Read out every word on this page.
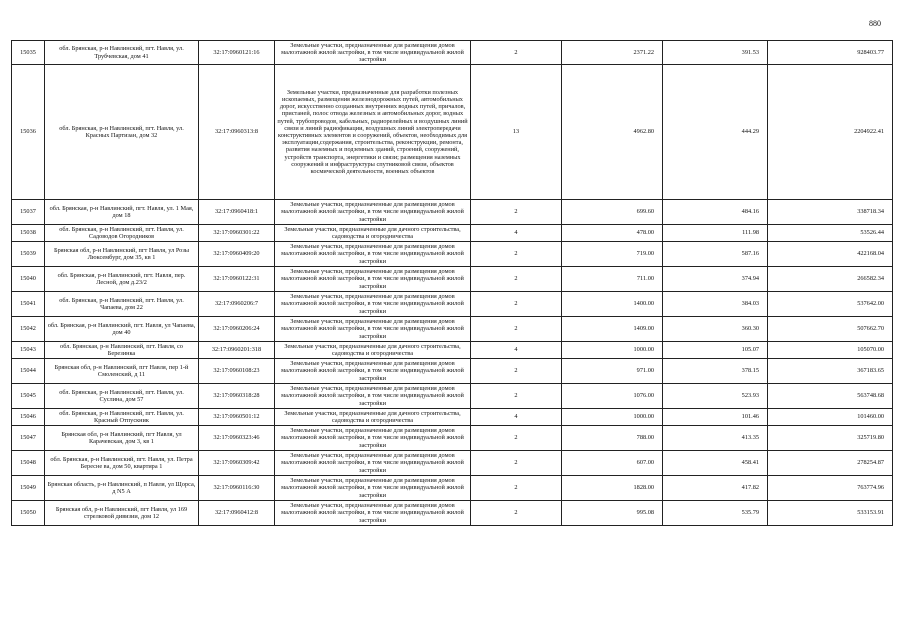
880
15035	обл. Брянская, р-н Навлинский, пгт. Навля, ул. Трубчевская, дом 41	32:17:0960121:16	Земельные участки, предназначенные для размещения домов малоэтажной жилой застройки, в том числе индивидуальной жилой застройки	2	2371.22	391.53	928403.77
15036	обл. Брянская, р-н Навлинский, пгт. Навля, ул. Красных Партизан, дом 32	32:17:0960313:8	Земельные участки, предназначенные для разработки полезных ископаемых, размещения железнодорожных путей, автомобильных дорог, искусственно созданных внутренних водных путей, причалов, пристаней, полос отвода железных и автомобильных дорог, водных путей, трубопроводов, кабельных, радиорелейных и воздушных линий связи и линий радиофикации, воздушных линий электропередачи конструктивных элементов и сооружений, объектов, необходимых для эксплуатации,содержания, строительства, реконструкции, ремонта, развития наземных и подземных зданий, строений, сооружений, устройств транспорта, энергетики и связи; размещения наземных сооружений и инфраструктуры спутниковой связи, объектов космической деятельности, военных объектов	13	4962.80	444.29	2204922.41
15037	обл. Брянская, р-н Навлинский, пгт. Навля, ул. 1 Мая, дом 18	32:17:0960418:1	Земельные участки, предназначенные для размещения домов малоэтажной жилой застройки, в том числе индивидуальной жилой застройки	2	699.60	484.16	338718.34
15038	обл. Брянская, р-н Навлинский, пгт. Навля, ул. Садоводов Огородников	32:17:0960301:22	Земельные участки, предназначенные для дачного строительства, садоводства и огородничества	4	478.00	111.98	53526.44
15039	Брянская обл, р-н Навлинский, пгт Навля, ул Розы Люксембург, дом 35, кв 1	32:17:0960409:20	Земельные участки, предназначенные для размещения домов малоэтажной жилой застройки, в том числе индивидуальной жилой застройки	2	719.00	587.16	422168.04
15040	обл. Брянская, р-н Навлинский, пгт. Навля, пер. Лесной, дом д.23/2	32:17:0960122:31	Земельные участки, предназначенные для размещения домов малоэтажной жилой застройки, в том числе индивидуальной жилой застройки	2	711.00	374.94	266582.34
15041	обл. Брянская, р-н Навлинский, пгт. Навля, ул. Чапаева, дом 22	32:17:0960206:7	Земельные участки, предназначенные для размещения домов малоэтажной жилой застройки, в том числе индивидуальной жилой застройки	2	1400.00	384.03	537642.00
15042	обл. Брянская, р-н Навлинский, пгт. Навля, ул Чапаева, дом 40	32:17:0960206:24	Земельные участки, предназначенные для размещения домов малоэтажной жилой застройки, в том числе индивидуальной жилой застройки	2	1409.00	360.30	507662.70
15043	обл. Брянская, р-н Навлинский, пгт. Навля, сo Березинка	32:17:0960201:318	Земельные участки, предназначенные для дачного строительства, садоводства и огородничества	4	1000.00	105.07	105070.00
15044	Брянская обл, р-н Навлинский, пгт Навля, пер 1-й Смоленский, д 11	32:17:0960108:23	Земельные участки, предназначенные для размещения домов малоэтажной жилой застройки, в том числе индивидуальной жилой застройки	2	971.00	378.15	367183.65
15045	обл. Брянская, р-н Навлинский, пгт. Навля, ул. Суслина, дом 57	32:17:0960318:28	Земельные участки, предназначенные для размещения домов малоэтажной жилой застройки, в том числе индивидуальной жилой застройки	2	1076.00	523.93	563748.68
15046	обл. Брянская, р-н Навлинский, пгт. Навля, ул. Красный Отпускник	32:17:0960501:12	Земельные участки, предназначенные для дачного строительства, садоводства и огородничества	4	1000.00	101.46	101460.00
15047	Брянская обл, р-н Навлинский, пгт Навля, ул Карачевская, дом 3, кв 1	32:17:0960323:46	Земельные участки, предназначенные для размещения домов малоэтажной жилой застройки, в том числе индивидуальной жилой застройки	2	788.00	413.35	325719.80
15048	обл. Брянская, р-н Навлинский, пгт. Навля, ул. Петра Бересне ва, дом 50, квартира 1	32:17:0960309:42	Земельные участки, предназначенные для размещения домов малоэтажной жилой застройки, в том числе индивидуальной жилой застройки	2	607.00	458.41	278254.87
15049	Брянская область, р-н Навлинский, п Навля, ул Щорса, д N5 А	32:17:0960116:30	Земельные участки, предназначенные для размещения домов малоэтажной жилой застройки, в том числе индивидуальной жилой застройки	2	1828.00	417.82	763774.96
15050	Брянская обл, р-н Навлинский, пгт Навля, ул 169 стрелковой дивизии, дом 12	32:17:0960412:8	Земельные участки, предназначенные для размещения домов малоэтажной жилой застройки, в том числе индивидуальной жилой застройки	2	995.08	535.79	533153.91
